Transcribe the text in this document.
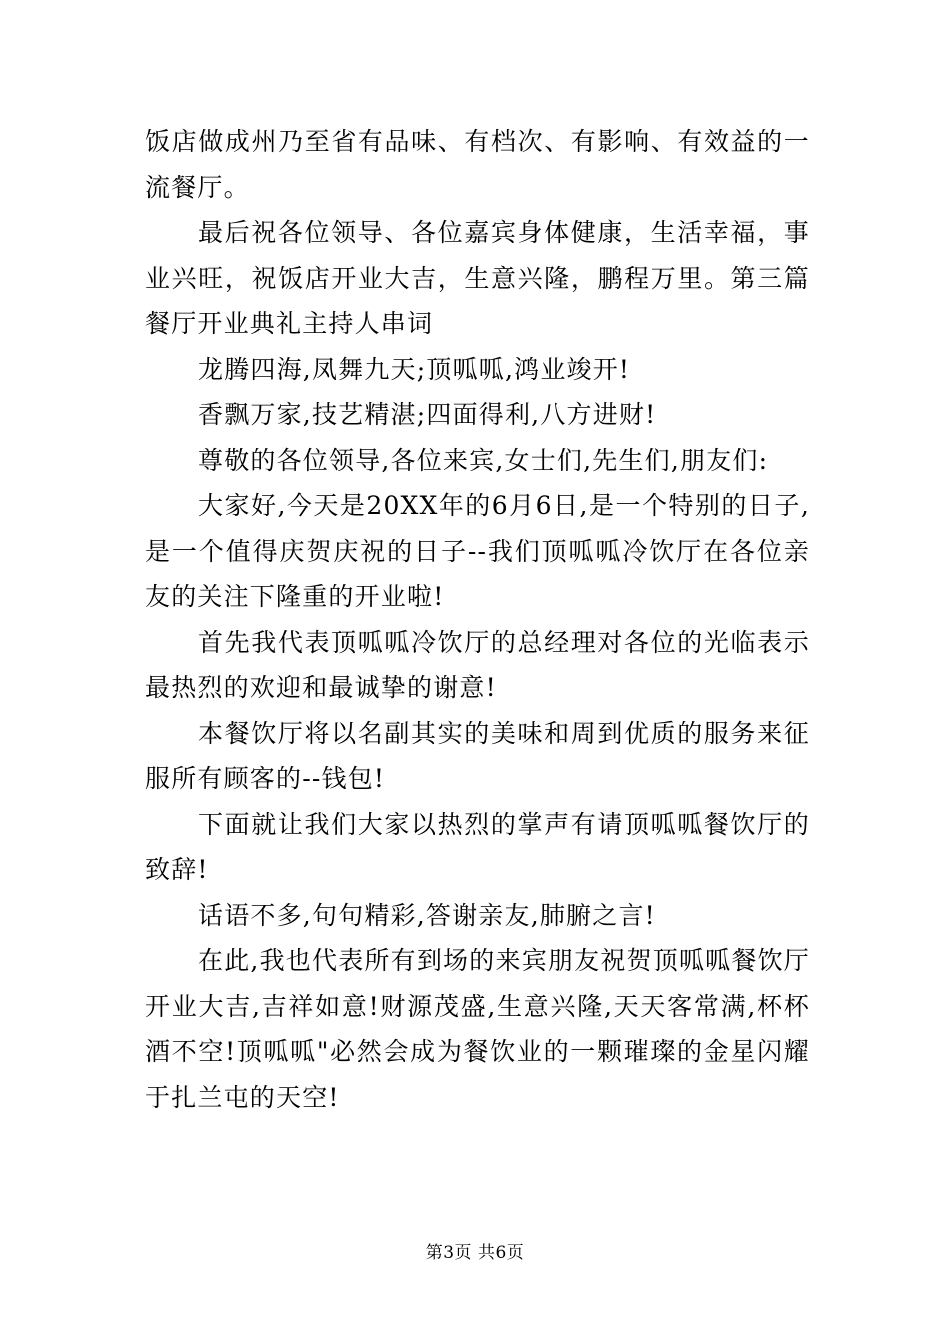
饭店做成州乃至省有品味、有档次、有影响、有效益的一流餐厅。

最后祝各位领导、各位嘉宾身体健康，生活幸福，事业兴旺，祝饭店开业大吉，生意兴隆，鹏程万里。第三篇餐厅开业典礼主持人串词

龙腾四海,凤舞九天;顶呱呱,鸿业竣开!

香飘万家,技艺精湛;四面得利,八方进财!

尊敬的各位领导,各位来宾,女士们,先生们,朋友们:

大家好,今天是20XX年的6月6日,是一个特别的日子,是一个值得庆贺庆祝的日子--我们顶呱呱冷饮厅在各位亲友的关注下隆重的开业啦!

首先我代表顶呱呱冷饮厅的总经理对各位的光临表示最热烈的欢迎和最诚挚的谢意!

本餐饮厅将以名副其实的美味和周到优质的服务来征服所有顾客的--钱包!

下面就让我们大家以热烈的掌声有请顶呱呱餐饮厅的致辞!

话语不多,句句精彩,答谢亲友,肺腑之言!

在此,我也代表所有到场的来宾朋友祝贺顶呱呱餐饮厅开业大吉,吉祥如意!财源茂盛,生意兴隆,天天客常满,杯杯酒不空!顶呱呱"必然会成为餐饮业的一颗璀璨的金星闪耀于扎兰屯的天空!

第3页 共6页
